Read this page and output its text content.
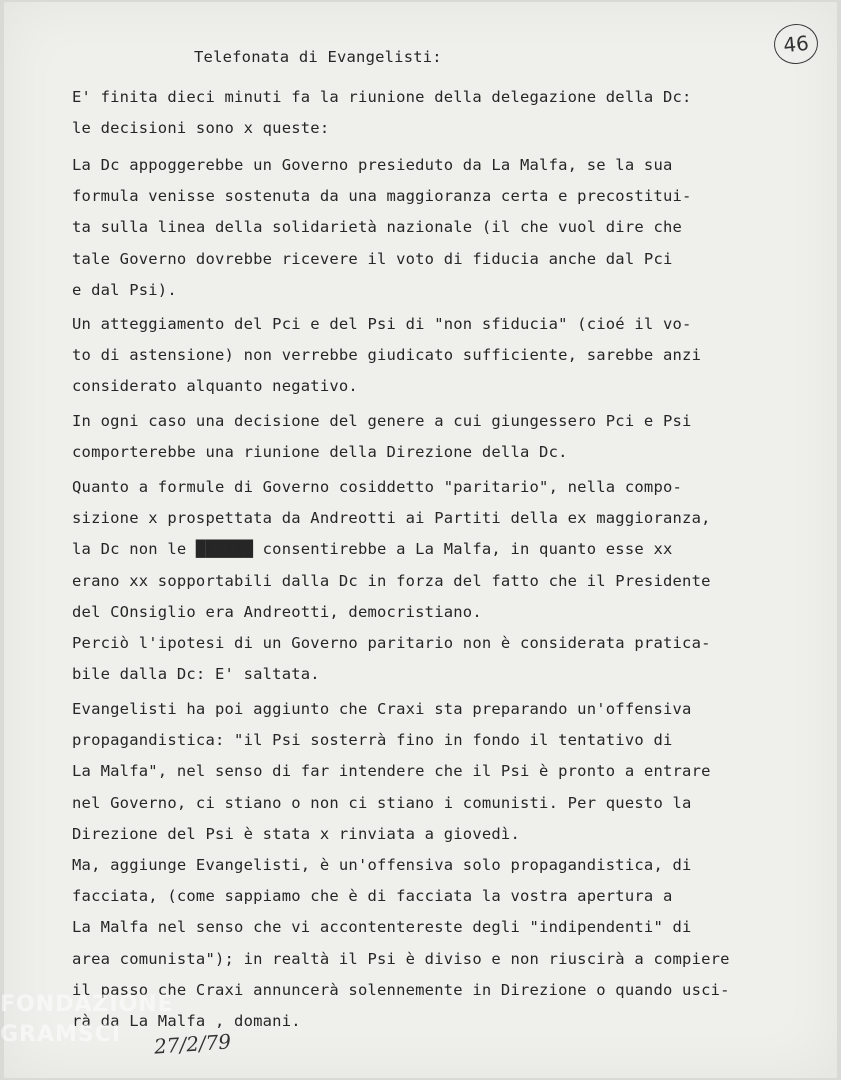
46
Telefonata di Evangelisti:
E' finita dieci minuti fa la riunione della delegazione della Dc:
le decisioni sono x queste:
La Dc appoggerebbe un Governo presieduto da La Malfa, se la sua
formula venisse sostenuta da una maggioranza certa e precostitui-
ta sulla linea della solidarietà nazionale (il che vuol dire che
tale Governo dovrebbe ricevere il voto di fiducia anche dal Pci
e dal Psi).
Un atteggiamento del Pci e del Psi di "non sfiducia" (cioé il vo-
to di astensione) non verrebbe giudicato sufficiente, sarebbe anzi
considerato alquanto negativo.
In ogni caso una decisione del genere a cui giungessero Pci e Psi
comporterebbe una riunione della Direzione della Dc.
Quanto a formule di Governo cosiddetto "paritario", nella compo-
sizione x prospettata da Andreotti ai Partiti della ex maggioranza,
la Dc non le ██████ consentirebbe a La Malfa, in quanto esse xx
erano xx sopportabili dalla Dc in forza del fatto che il Presidente
del COnsiglio era Andreotti, democristiano.
Perciò l'ipotesi di un Governo paritario non è considerata pratica-
bile dalla Dc: E' saltata.
Evangelisti ha poi aggiunto che Craxi sta preparando un'offensiva
propagandistica: "il Psi sosterrà fino in fondo il tentativo di
La Malfa", nel senso di far intendere che il Psi è pronto a entrare
nel Governo, ci stiano o non ci stiano i comunisti. Per questo la
Direzione del Psi è stata x rinviata a giovedì.
Ma, aggiunge Evangelisti, è un'offensiva solo propagandistica, di
facciata, (come sappiamo che è di facciata la vostra apertura a
La Malfa nel senso che vi accontentereste degli "indipendenti" di
area comunista"); in realtà il Psi è diviso e non riuscirà a compiere
il passo che Craxi annuncerà solennemente in Direzione o quando usci-
rà da La Malfa , domani.
27/2/79
FONDAZIONE
GRAMSCI
